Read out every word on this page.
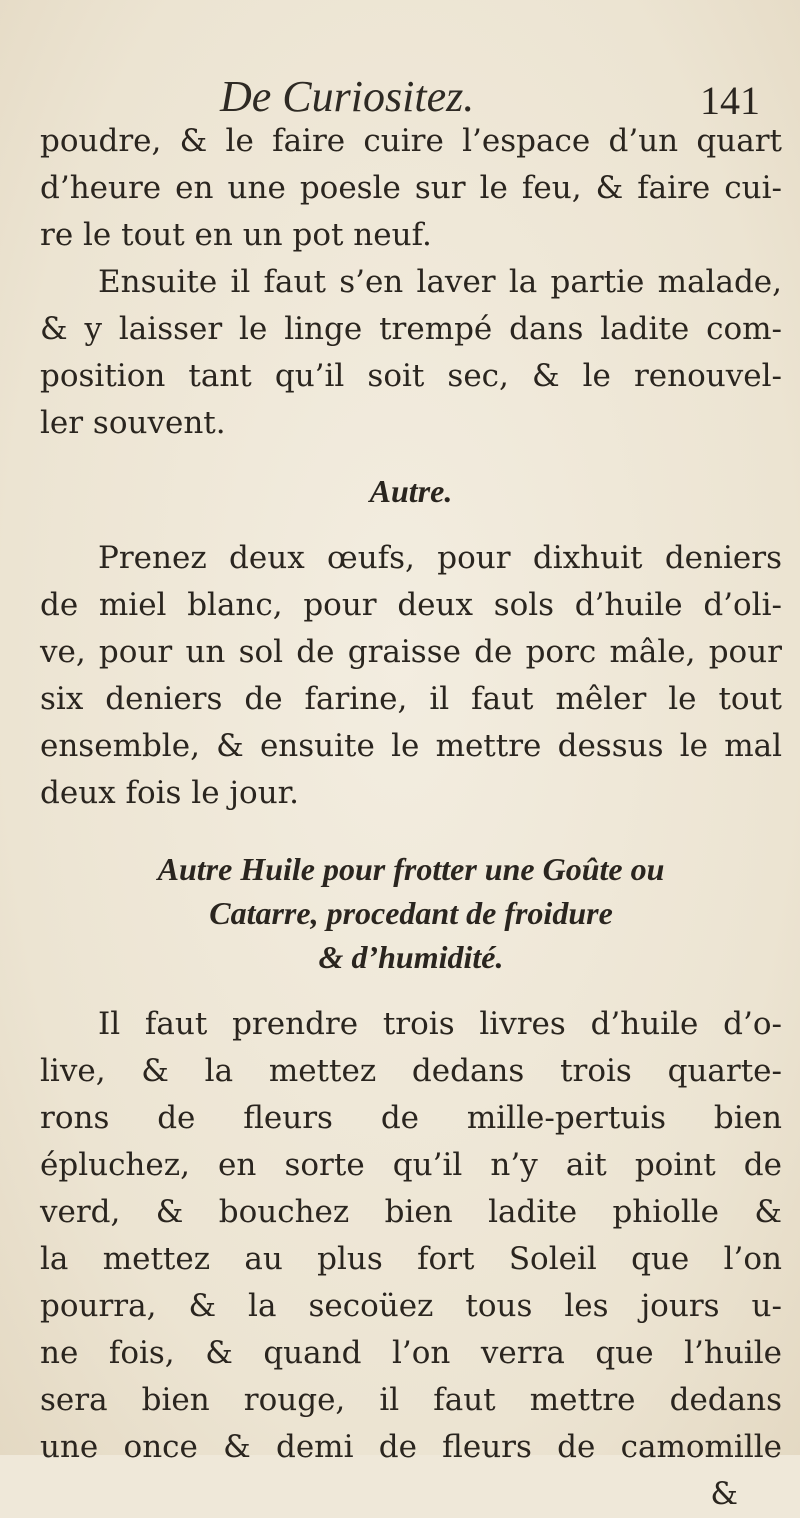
De Curiositez.	141
poudre, & le faire cuire l’espace d’un quart
d’heure en une poesle sur le feu, & faire cui-
re le tout en un pot neuf.
Ensuite il faut s’en laver la partie malade,
& y laisser le linge trempé dans ladite com-
position tant qu’il soit sec, & le renouvel-
ler souvent.
Autre.
Prenez deux œufs, pour dixhuit deniers
de miel blanc, pour deux sols d’huile d’oli-
ve, pour un sol de graisse de porc mâle, pour
six deniers de farine, il faut mêler le tout
ensemble, & ensuite le mettre dessus le mal
deux fois le jour.
Autre Huile pour frotter une Goûte ou
Catarre, procedant de froidure
& d’humidité.
Il faut prendre trois livres d’huile d’o-
live, & la mettez dedans trois quarte-
rons de fleurs de mille-pertuis bien
épluchez, en sorte qu’il n’y ait point de
verd, & bouchez bien ladite phiolle &
la mettez au plus fort Soleil que l’on
pourra, & la secoüez tous les jours u-
ne fois, & quand l’on verra que l’huile
sera bien rouge, il faut mettre dedans
une once & demi de fleurs de camomille
&
